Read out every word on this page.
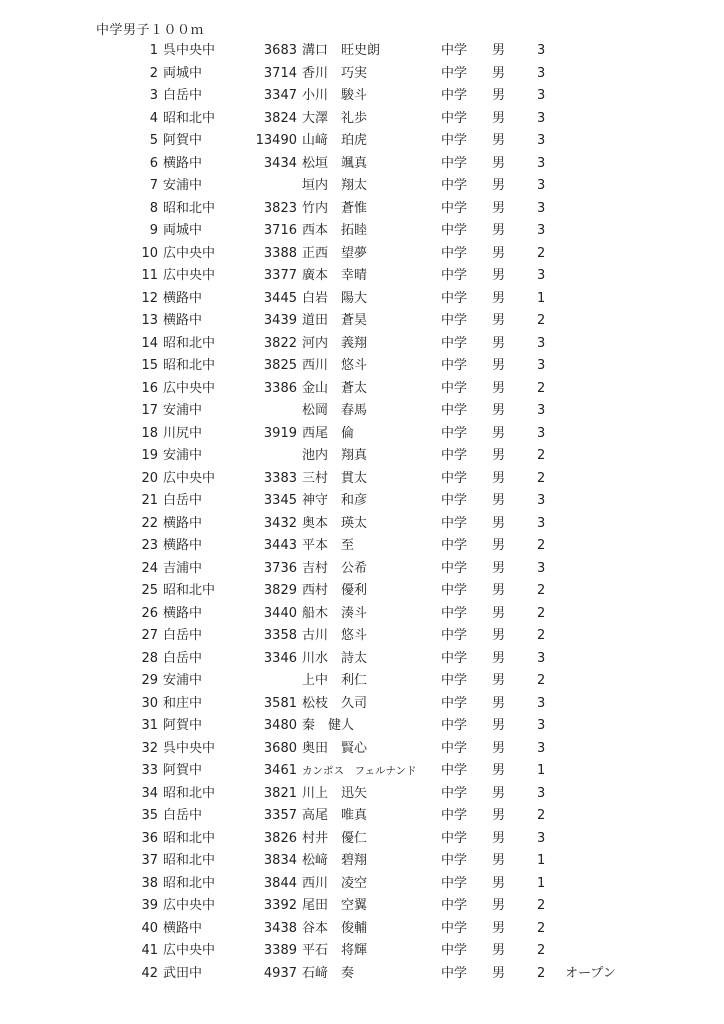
中学男子１００ｍ
1 呉中央中	3683 溝口　旺史朗	中学 男 3
2 両城中	3714 香川　巧実	中学 男 3
3 白岳中	3347 小川　駿斗	中学 男 3
4 昭和北中	3824 大澤　礼歩	中学 男 3
5 阿賀中	13490 山﨑　珀虎	中学 男 3
6 横路中	3434 松垣　颯真	中学 男 3
7 安浦中	垣内　翔太	中学 男 3
8 昭和北中	3823 竹内　蒼惟	中学 男 3
9 両城中	3716 西本　拓睦	中学 男 3
10 広中央中	3388 正西　望夢	中学 男 2
11 広中央中	3377 廣本　幸晴	中学 男 3
12 横路中	3445 白岩　陽大	中学 男 1
13 横路中	3439 道田　蒼昊	中学 男 2
14 昭和北中	3822 河内　義翔	中学 男 3
15 昭和北中	3825 西川　悠斗	中学 男 3
16 広中央中	3386 金山　蒼太	中学 男 2
17 安浦中	松岡　春馬	中学 男 3
18 川尻中	3919 西尾　倫	中学 男 3
19 安浦中	池内　翔真	中学 男 2
20 広中央中	3383 三村　貫太	中学 男 2
21 白岳中	3345 神守　和彦	中学 男 3
22 横路中	3432 奥本　瑛太	中学 男 3
23 横路中	3443 平本　至	中学 男 2
24 吉浦中	3736 吉村　公希	中学 男 3
25 昭和北中	3829 西村　優利	中学 男 2
26 横路中	3440 船木　湊斗	中学 男 2
27 白岳中	3358 古川　悠斗	中学 男 2
28 白岳中	3346 川水　詩太	中学 男 3
29 安浦中	上中　利仁	中学 男 2
30 和庄中	3581 松枝　久司	中学 男 3
31 阿賀中	3480 秦　健人	中学 男 3
32 呉中央中	3680 奥田　賢心	中学 男 3
33 阿賀中	3461 カンポス　フェルナンド 中学 男 1
34 昭和北中	3821 川上　迅矢	中学 男 3
35 白岳中	3357 高尾　唯真	中学 男 2
36 昭和北中	3826 村井　優仁	中学 男 3
37 昭和北中	3834 松﨑　碧翔	中学 男 1
38 昭和北中	3844 西川　凌空	中学 男 1
39 広中央中	3392 尾田　空翼	中学 男 2
40 横路中	3438 谷本　俊輔	中学 男 2
41 広中央中	3389 平石　将輝	中学 男 2
42 武田中	4937 石﨑　奏	中学 男 2 オープン
